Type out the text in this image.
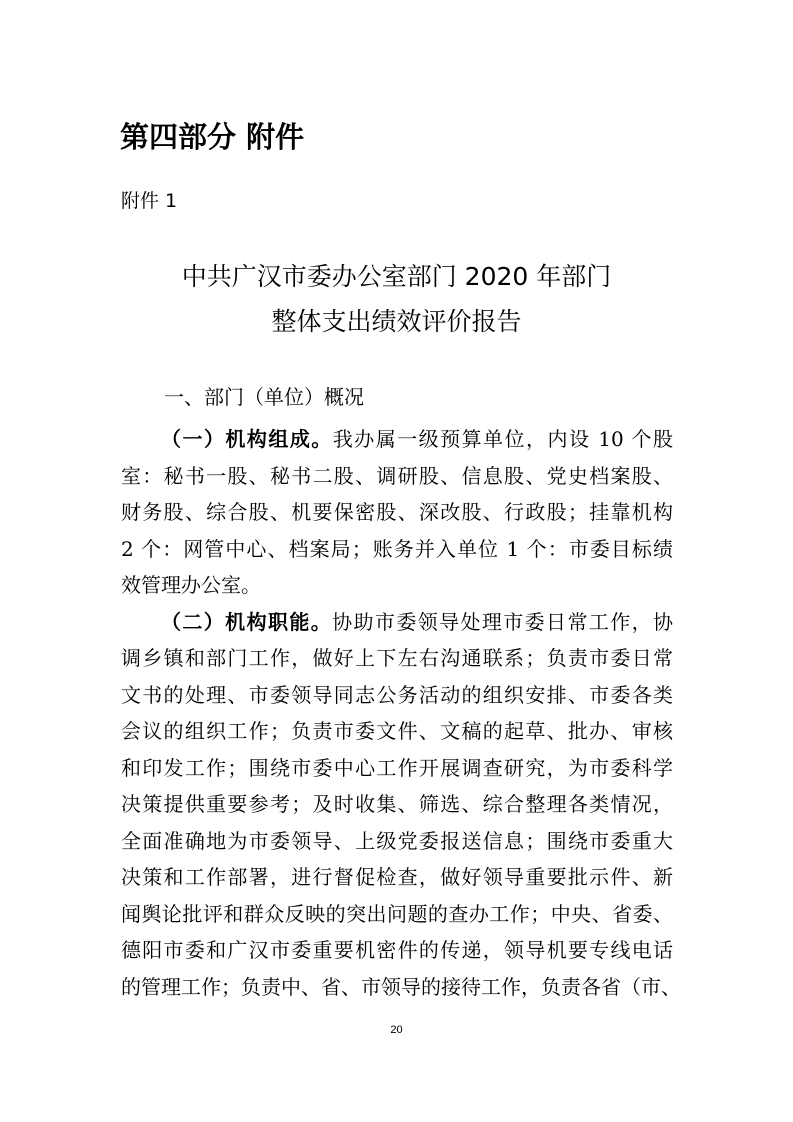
第四部分 附件
附件 1
中共广汉市委办公室部门 2020 年部门
整体支出绩效评价报告
一、部门（单位）概况
（一）机构组成。我办属一级预算单位，内设 10 个股
室：秘书一股、秘书二股、调研股、信息股、党史档案股、
财务股、综合股、机要保密股、深改股、行政股；挂靠机构
2 个：网管中心、档案局；账务并入单位 1 个：市委目标绩
效管理办公室。
（二）机构职能。协助市委领导处理市委日常工作，协
调乡镇和部门工作，做好上下左右沟通联系；负责市委日常
文书的处理、市委领导同志公务活动的组织安排、市委各类
会议的组织工作；负责市委文件、文稿的起草、批办、审核
和印发工作；围绕市委中心工作开展调查研究，为市委科学
决策提供重要参考；及时收集、筛选、综合整理各类情况，
全面准确地为市委领导、上级党委报送信息；围绕市委重大
决策和工作部署，进行督促检查，做好领导重要批示件、新
闻舆论批评和群众反映的突出问题的查办工作；中央、省委、
德阳市委和广汉市委重要机密件的传递，领导机要专线电话
的管理工作；负责中、省、市领导的接待工作，负责各省（市、
20
